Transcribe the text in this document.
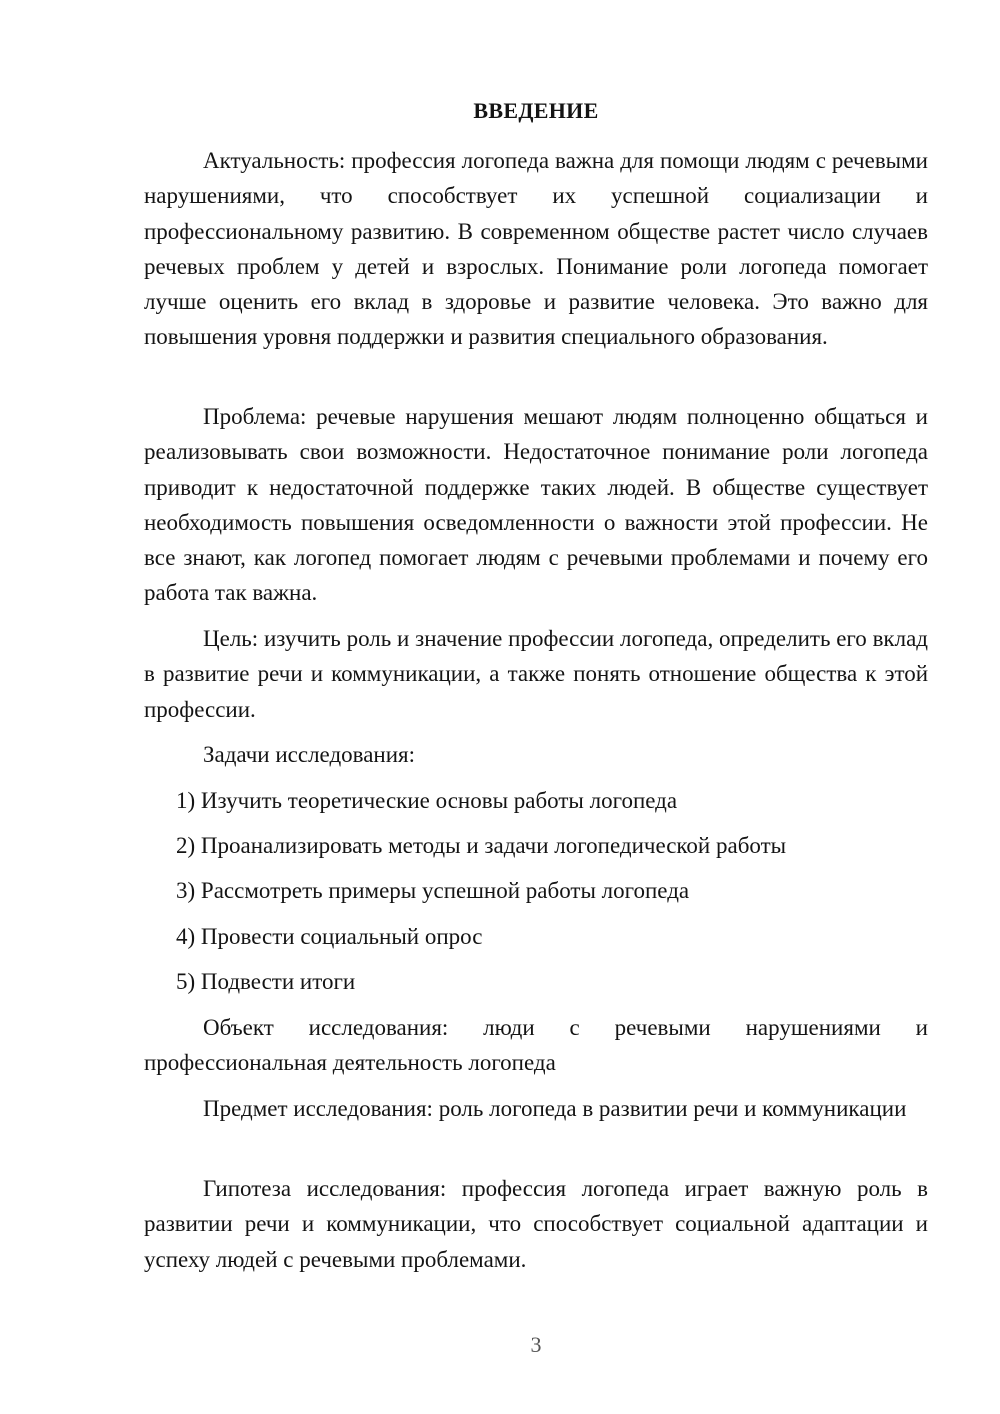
ВВЕДЕНИЕ

Актуальность: профессия логопеда важна для помощи людям с речевыми нарушениями, что способствует их успешной социализации и профессиональному развитию. В современном обществе растет число случаев речевых проблем у детей и взрослых. Понимание роли логопеда помогает лучше оценить его вклад в здоровье и развитие человека. Это важно для повышения уровня поддержки и развития специального образования.

Проблема: речевые нарушения мешают людям полноценно общаться и реализовывать свои возможности. Недостаточное понимание роли логопеда приводит к недостаточной поддержке таких людей. В обществе существует необходимость повышения осведомленности о важности этой профессии. Не все знают, как логопед помогает людям с речевыми проблемами и почему его работа так важна.

Цель: изучить роль и значение профессии логопеда, определить его вклад в развитие речи и коммуникации, а также понять отношение общества к этой профессии.

Задачи исследования:

1) Изучить теоретические основы работы логопеда

2) Проанализировать методы и задачи логопедической работы

3) Рассмотреть примеры успешной работы логопеда

4) Провести социальный опрос

5) Подвести итоги

Объект исследования: люди с речевыми нарушениями и профессиональная деятельность логопеда

Предмет исследования: роль логопеда в развитии речи и коммуникации

Гипотеза исследования: профессия логопеда играет важную роль в развитии речи и коммуникации, что способствует социальной адаптации и успеху людей с речевыми проблемами.

3
